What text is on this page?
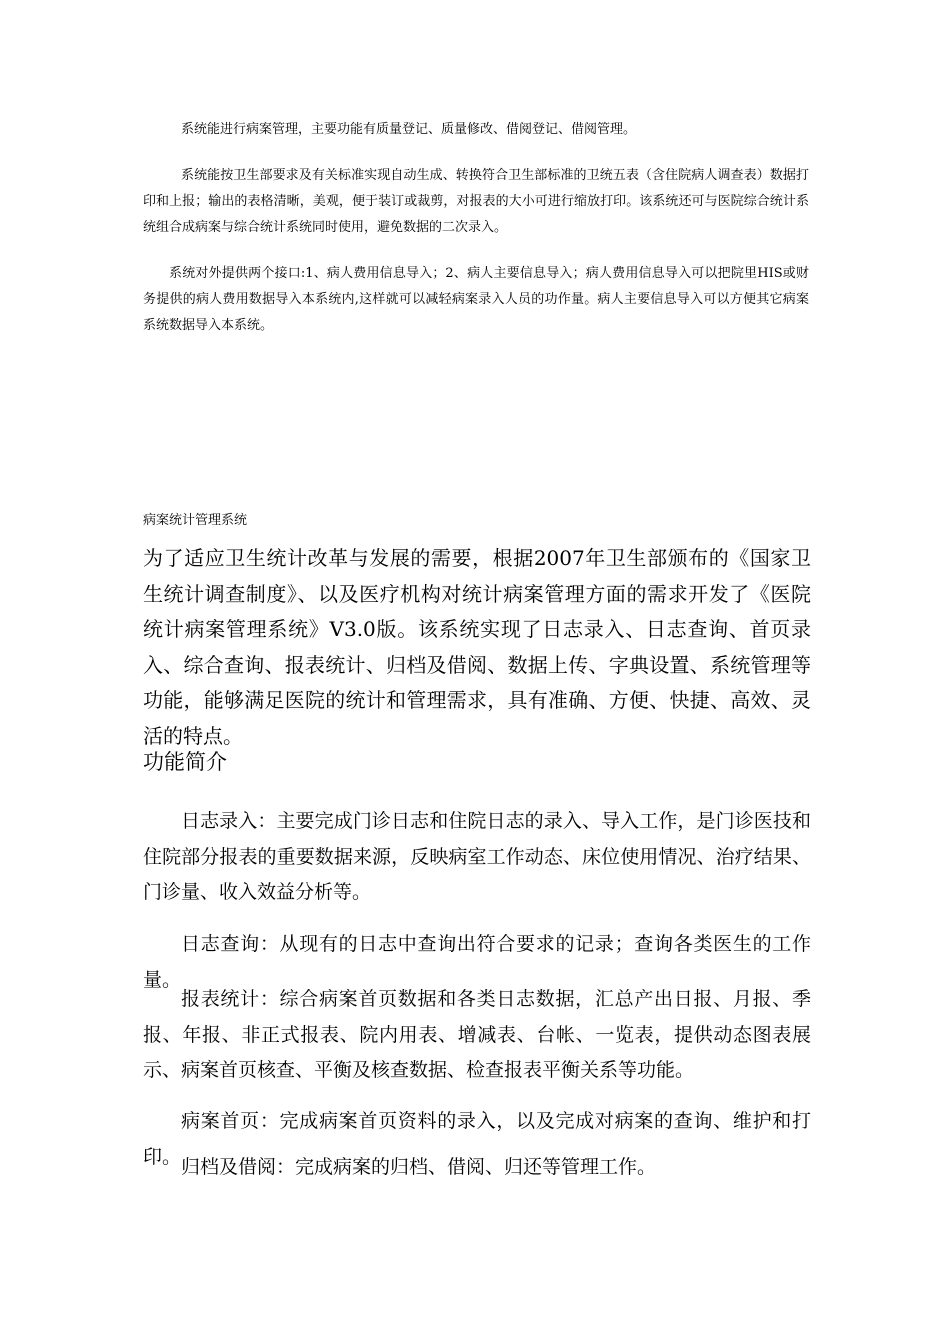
系统能进行病案管理，主要功能有质量登记、质量修改、借阅登记、借阅管理。

系统能按卫生部要求及有关标准实现自动生成、转换符合卫生部标准的卫统五表（含住院病人调查表）数据打印和上报；输出的表格清晰，美观，便于装订或裁剪，对报表的大小可进行缩放打印。该系统还可与医院综合统计系统组合成病案与综合统计系统同时使用，避免数据的二次录入。

系统对外提供两个接口:1、病人费用信息导入；2、病人主要信息导入；病人费用信息导入可以把院里HIS或财务提供的病人费用数据导入本系统内,这样就可以减轻病案录入人员的功作量。病人主要信息导入可以方便其它病案系统数据导入本系统。

病案统计管理系统

为了适应卫生统计改革与发展的需要，根据2007年卫生部颁布的《国家卫生统计调查制度》、以及医疗机构对统计病案管理方面的需求开发了《医院统计病案管理系统》V3.0版。该系统实现了日志录入、日志查询、首页录入、综合查询、报表统计、归档及借阅、数据上传、字典设置、系统管理等功能，能够满足医院的统计和管理需求，具有准确、方便、快捷、高效、灵活的特点。

功能简介

日志录入：主要完成门诊日志和住院日志的录入、导入工作，是门诊医技和住院部分报表的重要数据来源，反映病室工作动态、床位使用情况、治疗结果、门诊量、收入效益分析等。

日志查询：从现有的日志中查询出符合要求的记录；查询各类医生的工作量。

报表统计：综合病案首页数据和各类日志数据，汇总产出日报、月报、季报、年报、非正式报表、院内用表、增减表、台帐、一览表，提供动态图表展示、病案首页核查、平衡及核查数据、检查报表平衡关系等功能。

病案首页：完成病案首页资料的录入，以及完成对病案的查询、维护和打印。 归档及借阅：完成病案的归档、借阅、归还等管理工作。
